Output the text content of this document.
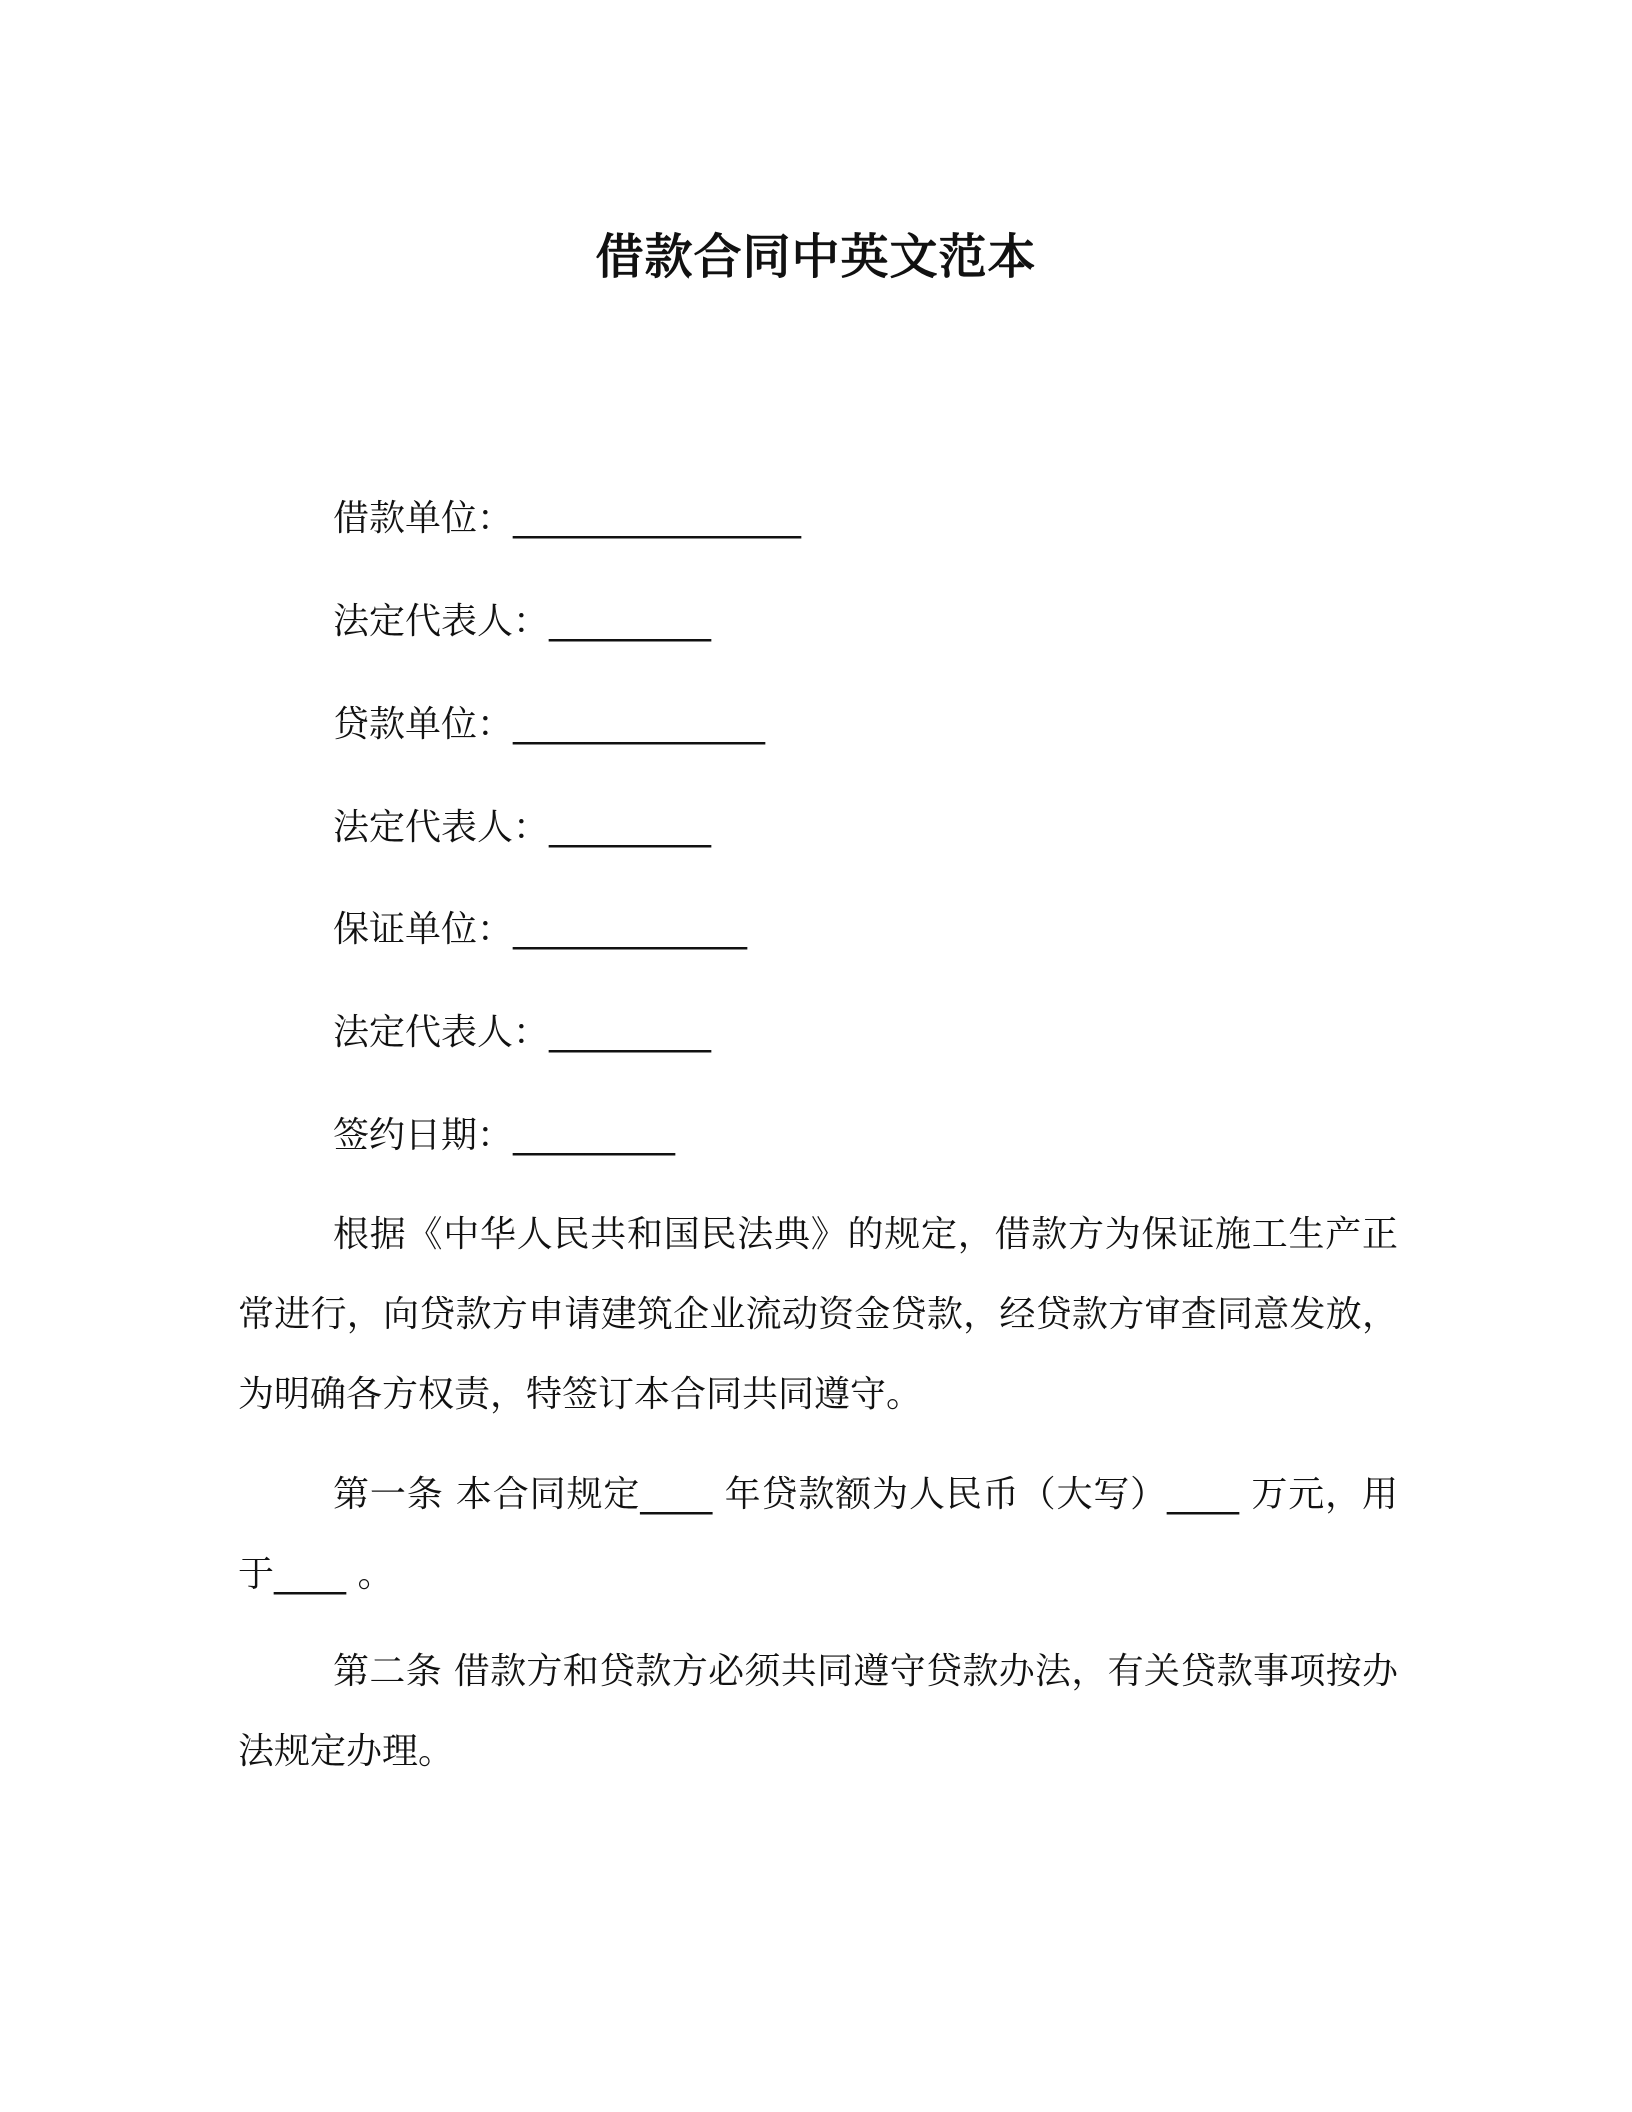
借款合同中英文范本
借款单位：________________
法定代表人：_________
贷款单位：______________
法定代表人：_________
保证单位：_____________
法定代表人：_________
签约日期：_________
根据《中华人民共和国民法典》的规定，借款方为保证施工生产正常进行，向贷款方申请建筑企业流动资金贷款，经贷款方审查同意发放，为明确各方权责，特签订本合同共同遵守。
第一条 本合同规定____ 年贷款额为人民币（大写）____ 万元，用于____ 。
第二条 借款方和贷款方必须共同遵守贷款办法，有关贷款事项按办法规定办理。
